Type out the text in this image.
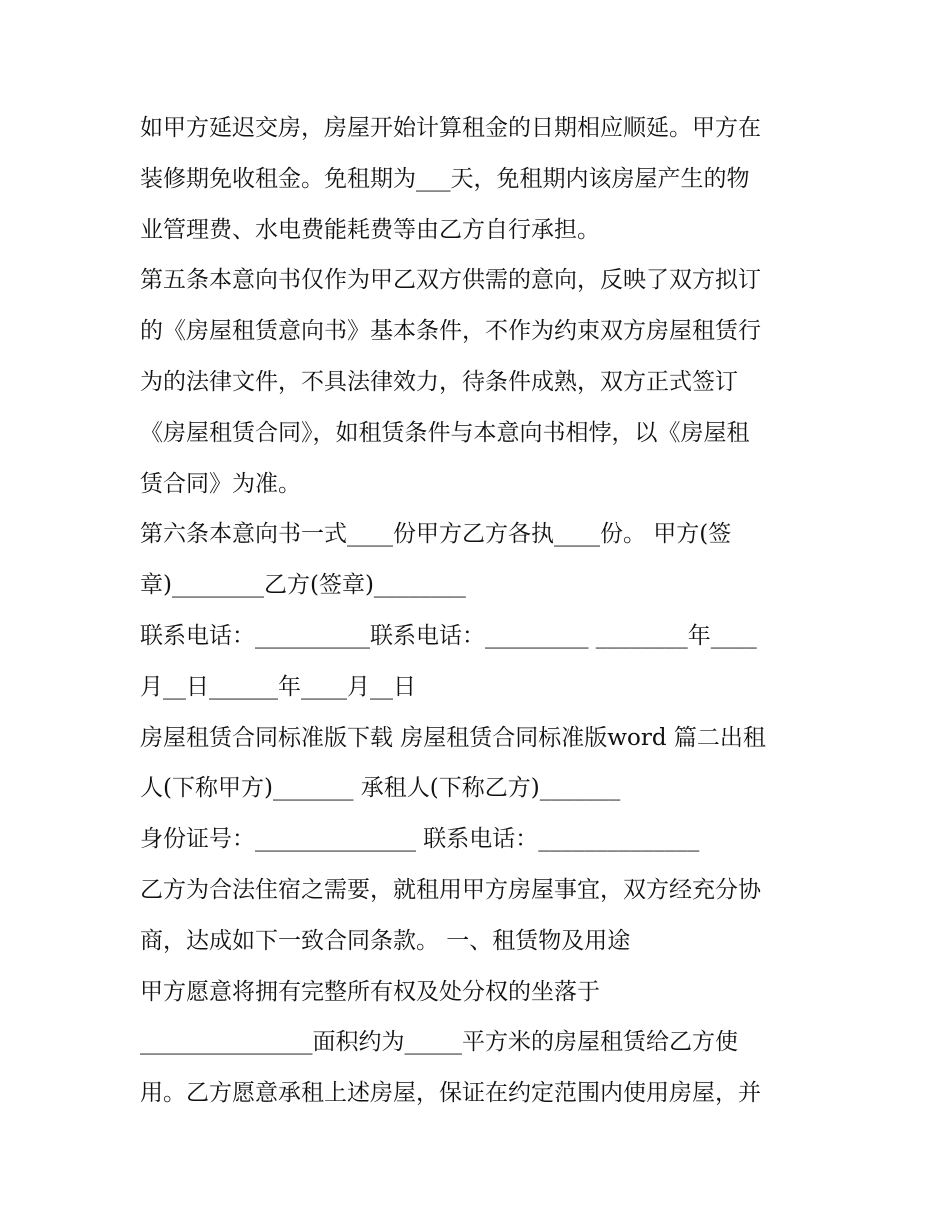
如甲方延迟交房，房屋开始计算租金的日期相应顺延。甲方在
装修期免收租金。免租期为___天，免租期内该房屋产生的物
业管理费、水电费能耗费等由乙方自行承担。
第五条本意向书仅作为甲乙双方供需的意向，反映了双方拟订
的《房屋租赁意向书》基本条件，不作为约束双方房屋租赁行
为的法律文件，不具法律效力，待条件成熟，双方正式签订
《房屋租赁合同》，如租赁条件与本意向书相悖，以《房屋租
赁合同》为准。
第六条本意向书一式____份甲方乙方各执____份。 甲方(签
章)________乙方(签章)________
联系电话：__________联系电话：_________ ________年____
月__日______年____月__日
房屋租赁合同标准版下载 房屋租赁合同标准版word 篇二出租
人(下称甲方)_______ 承租人(下称乙方)_______
身份证号：______________ 联系电话：______________
乙方为合法住宿之需要，就租用甲方房屋事宜，双方经充分协
商，达成如下一致合同条款。 一、租赁物及用途
甲方愿意将拥有完整所有权及处分权的坐落于
_______________面积约为_____平方米的房屋租赁给乙方使
用。乙方愿意承租上述房屋，保证在约定范围内使用房屋，并
